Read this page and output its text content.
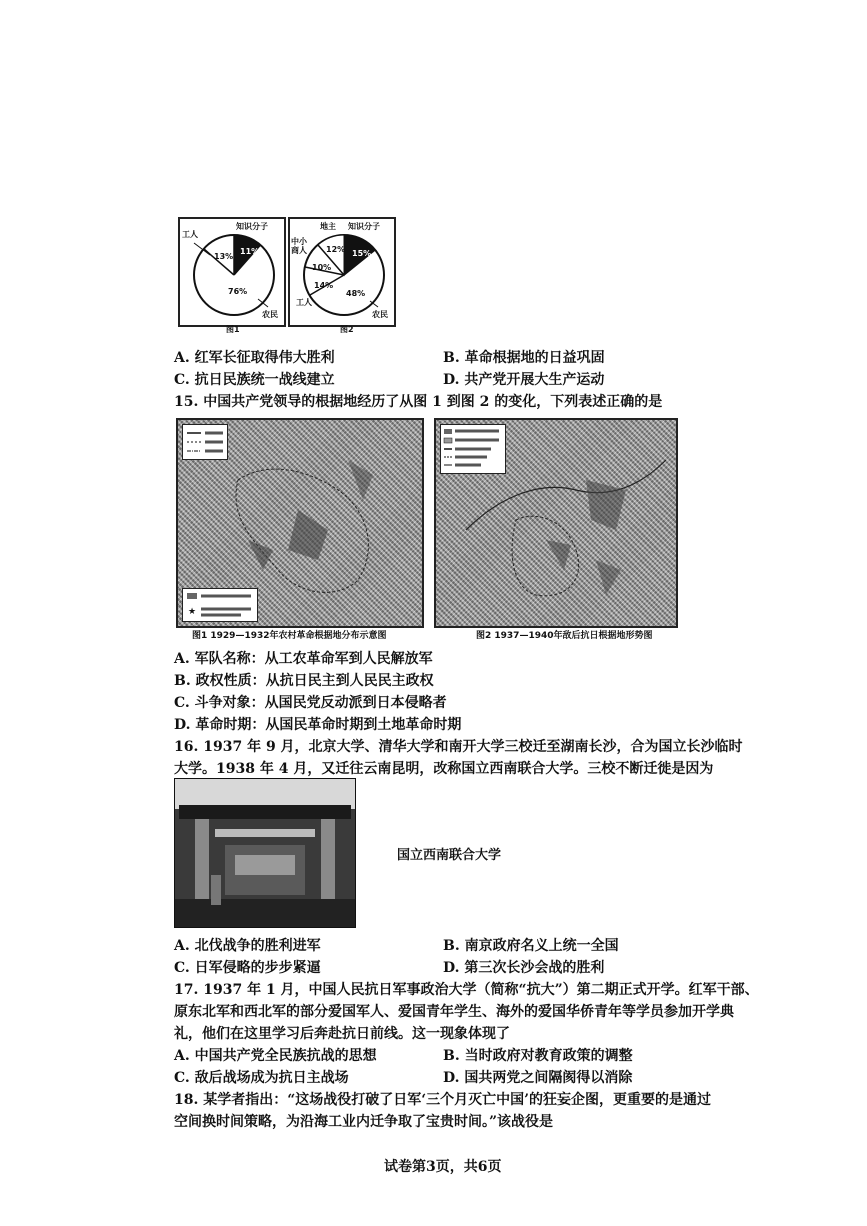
工人
知识分子
11%
13%
76%
农民
图1
地主 知识分子
中小商人	12% 15%
10%
工人
14%
48%
农民
图2
A. 红军长征取得伟大胜利	B. 革命根据地的日益巩固
C. 抗日民族统一战线建立	D. 共产党开展大生产运动
15. 中国共产党领导的根据地经历了从图 1 到图 2 的变化，下列表述正确的是
★
图1 1929—1932年农村革命根据地分布示意图	图2 1937—1940年敌后抗日根据地形势图
A. 军队名称：从工农革命军到人民解放军
B. 政权性质：从抗日民主到人民民主政权
C. 斗争对象：从国民党反动派到日本侵略者
D. 革命时期：从国民革命时期到土地革命时期
16. 1937 年 9 月，北京大学、清华大学和南开大学三校迁至湖南长沙，合为国立长沙临时
大学。1938 年 4 月，又迁往云南昆明，改称国立西南联合大学。三校不断迁徙是因为
国立西南联合大学
A. 北伐战争的胜利进军	B. 南京政府名义上统一全国
C. 日军侵略的步步紧逼	D. 第三次长沙会战的胜利
17. 1937 年 1 月，中国人民抗日军事政治大学（简称“抗大”）第二期正式开学。红军干部、
原东北军和西北军的部分爱国军人、爱国青年学生、海外的爱国华侨青年等学员参加开学典
礼，他们在这里学习后奔赴抗日前线。这一现象体现了
A. 中国共产党全民族抗战的思想	B. 当时政府对教育政策的调整
C. 敌后战场成为抗日主战场	D. 国共两党之间隔阂得以消除
18. 某学者指出：“这场战役打破了日军‘三个月灭亡中国’的狂妄企图，更重要的是通过
空间换时间策略，为沿海工业内迁争取了宝贵时间。”该战役是
试卷第3页，共6页
